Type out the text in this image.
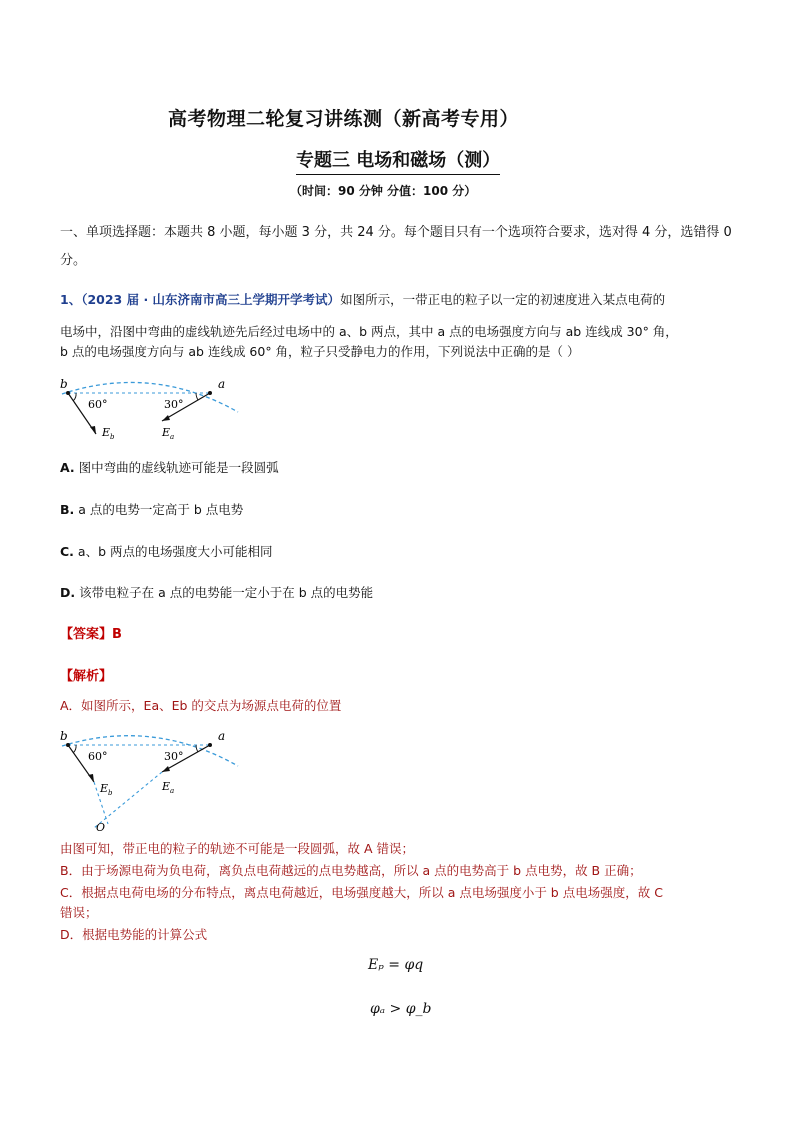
高考物理二轮复习讲练测（新高考专用）
专题三 电场和磁场（测）
（时间：90 分钟 分值：100 分）
一、单项选择题：本题共 8 小题，每小题 3 分，共 24 分。每个题目只有一个选项符合要求，选对得 4 分，选错得 0 分。
1、（2023 届 · 山东济南市高三上学期开学考试）如图所示，一带正电的粒子以一定的初速度进入某点电荷的
电场中，沿图中弯曲的虚线轨迹先后经过电场中的 a、b 两点，其中 a 点的电场强度方向与 ab 连线成 30° 角，
b 点的电场强度方向与 ab 连线成 60° 角，粒子只受静电力的作用，下列说法中正确的是（ ）
b	a
60°	30°
E b	E a
A. 图中弯曲的虚线轨迹可能是一段圆弧
B. a 点的电势一定高于 b 点电势
C. a、b 两点的电场强度大小可能相同
D. 该带电粒子在 a 点的电势能一定小于在 b 点的电势能
【答案】B
【解析】
A．如图所示，Ea、Eb 的交点为场源点电荷的位置
b	a
60°	30°
E b	E a
O
由图可知，带正电的粒子的轨迹不可能是一段圆弧，故 A 错误；
B．由于场源电荷为负电荷，离负点电荷越远的点电势越高，所以 a 点的电势高于 b 点电势，故 B 正确；
C．根据点电荷电场的分布特点，离点电荷越近，电场强度越大，所以 a 点电场强度小于 b 点电场强度，故 C
错误；
D．根据电势能的计算公式
Eₚ = φq
φₐ > φ_b
